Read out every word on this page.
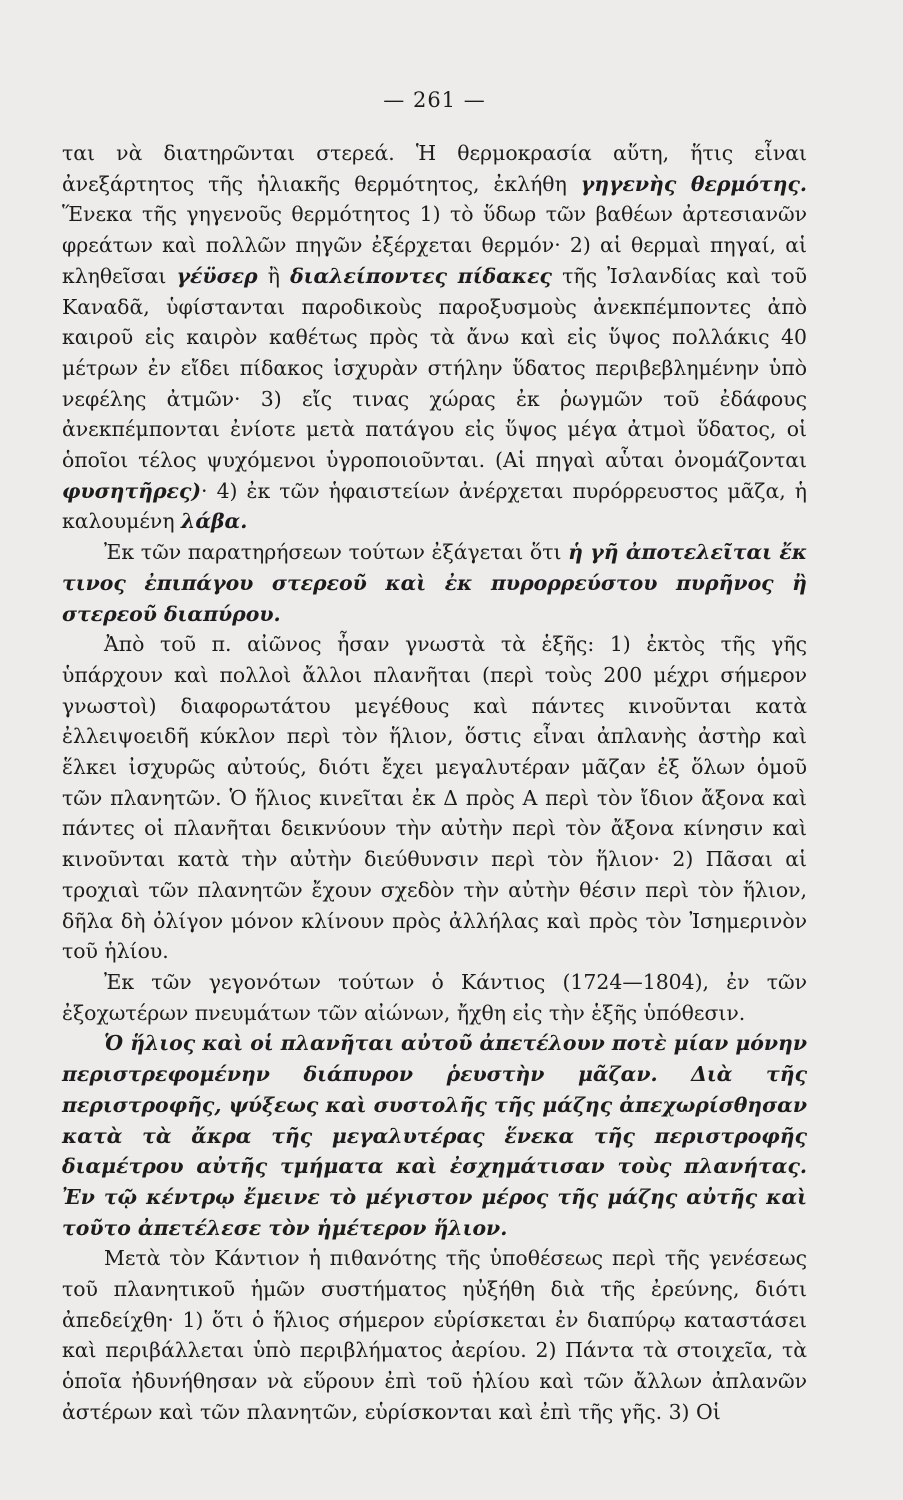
— 261 —

ται νὰ διατηρῶνται στερεά. Ἡ θερμοκρασία αὕτη, ἥτις εἶναι ἀνεξάρτητος τῆς ἡλιακῆς θερμότητος, ἐκλήθη γηγενὴς θερμότης. Ἕνεκα τῆς γηγενοῦς θερμότητος 1) τὸ ὕδωρ τῶν βαθέων ἀρτεσιανῶν φρεάτων καὶ πολλῶν πηγῶν ἐξέρχεται θερμόν· 2) αἱ θερμαὶ πηγαί, αἱ κληθεῖσαι γέϋσερ ἢ διαλείποντες πίδακες τῆς Ἰσλανδίας καὶ τοῦ Καναδᾶ, ὑφίστανται παροδικοὺς παροξυσμοὺς ἀνεκπέμποντες ἀπὸ καιροῦ εἰς καιρὸν καθέτως πρὸς τὰ ἄνω καὶ εἰς ὕψος πολλάκις 40 μέτρων ἐν εἴδει πίδακος ἰσχυρὰν στήλην ὕδατος περιβεβλημένην ὑπὸ νεφέλης ἀτμῶν· 3) εἴς τινας χώρας ἐκ ῥωγμῶν τοῦ ἐδάφους ἀνεκπέμπονται ἐνίοτε μετὰ πατάγου εἰς ὕψος μέγα ἀτμοὶ ὕδατος, οἱ ὁποῖοι τέλος ψυχόμενοι ὑγροποιοῦνται. (Αἱ πηγαὶ αὗται ὀνομάζονται φυσητῆρες)· 4) ἐκ τῶν ἡφαιστείων ἀνέρχεται πυρόρρευστος μᾶζα, ἡ καλουμένη λάβα.

Ἐκ τῶν παρατηρήσεων τούτων ἐξάγεται ὅτι ἡ γῆ ἀποτελεῖται ἔκ τινος ἐπιπάγου στερεοῦ καὶ ἐκ πυρορρεύστου πυρῆνος ἢ στερεοῦ διαπύρου.

Ἀπὸ τοῦ π. αἰῶνος ἦσαν γνωστὰ τὰ ἑξῆς: 1) ἐκτὸς τῆς γῆς ὑπάρχουν καὶ πολλοὶ ἄλλοι πλανῆται (περὶ τοὺς 200 μέχρι σήμερον γνωστοὶ) διαφορωτάτου μεγέθους καὶ πάντες κινοῦνται κατὰ ἐλλειψοειδῆ κύκλον περὶ τὸν ἥλιον, ὅστις εἶναι ἀπλανὴς ἀστὴρ καὶ ἕλκει ἰσχυρῶς αὐτούς, διότι ἔχει μεγαλυτέραν μᾶζαν ἐξ ὅλων ὁμοῦ τῶν πλανητῶν. Ὁ ἥλιος κινεῖται ἐκ Δ πρὸς Α περὶ τὸν ἴδιον ἄξονα καὶ πάντες οἱ πλανῆται δεικνύουν τὴν αὐτὴν περὶ τὸν ἄξονα κίνησιν καὶ κινοῦνται κατὰ τὴν αὐτὴν διεύθυνσιν περὶ τὸν ἥλιον· 2) Πᾶσαι αἱ τροχιαὶ τῶν πλανητῶν ἔχουν σχεδὸν τὴν αὐτὴν θέσιν περὶ τὸν ἥλιον, δῆλα δὴ ὀλίγον μόνον κλίνουν πρὸς ἀλλήλας καὶ πρὸς τὸν Ἰσημερινὸν τοῦ ἡλίου.

Ἐκ τῶν γεγονότων τούτων ὁ Κάντιος (1724—1804), ἐν τῶν ἐξοχωτέρων πνευμάτων τῶν αἰώνων, ἤχθη εἰς τὴν ἑξῆς ὑπόθεσιν.

Ὁ ἥλιος καὶ οἱ πλανῆται αὐτοῦ ἀπετέλουν ποτὲ μίαν μόνην περιστρεφομένην διάπυρον ῥευστὴν μᾶζαν. Διὰ τῆς περιστροφῆς, ψύξεως καὶ συστολῆς τῆς μάζης ἀπεχωρίσθησαν κατὰ τὰ ἄκρα τῆς μεγαλυτέρας ἕνεκα τῆς περιστροφῆς διαμέτρου αὐτῆς τμήματα καὶ ἐσχημάτισαν τοὺς πλανήτας. Ἐν τῷ κέντρῳ ἔμεινε τὸ μέγιστον μέρος τῆς μάζης αὐτῆς καὶ τοῦτο ἀπετέλεσε τὸν ἡμέτερον ἥλιον.

Μετὰ τὸν Κάντιον ἡ πιθανότης τῆς ὑποθέσεως περὶ τῆς γενέσεως τοῦ πλανητικοῦ ἡμῶν συστήματος ηὐξήθη διὰ τῆς ἐρεύνης, διότι ἀπεδείχθη· 1) ὅτι ὁ ἥλιος σήμερον εὑρίσκεται ἐν διαπύρῳ καταστάσει καὶ περιβάλλεται ὑπὸ περιβλήματος ἀερίου. 2) Πάντα τὰ στοιχεῖα, τὰ ὁποῖα ἠδυνήθησαν νὰ εὕρουν ἐπὶ τοῦ ἡλίου καὶ τῶν ἄλλων ἀπλανῶν ἀστέρων καὶ τῶν πλανητῶν, εὑρίσκονται καὶ ἐπὶ τῆς γῆς. 3) Οἱ
